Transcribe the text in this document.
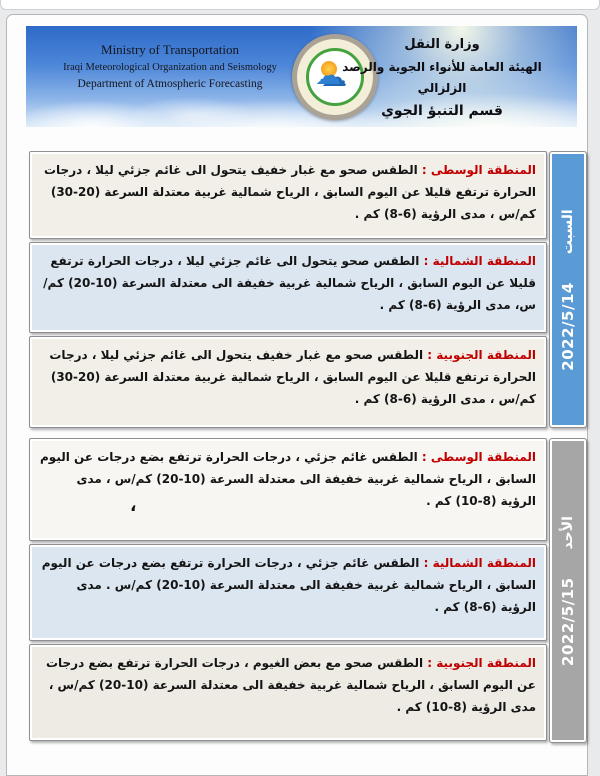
Ministry of Transportation
Iraqi Meteorological Organization and Seismology
Department of Atmospheric Forecasting	☁
وزارة النقل
الهيئة العامة للأنواء الجوية والرصد الزلزالي
قسم التنبؤ الجوي
المنطقة الوسطى : الطقس صحو مع غبار خفيف يتحول الى غائم جزئي ليلا ، درجات الحرارة ترتفع قليلا عن اليوم السابق ، الرياح شمالية غربية معتدلة السرعة (20-30) كم/س ، مدى الرؤية (6-8) كم .
المنطقة الشمالية : الطقس صحو يتحول الى غائم جزئي ليلا ، درجات الحرارة ترتفع قليلا عن اليوم السابق ، الرياح شمالية غربية خفيفة الى معتدلة السرعة (10-20) كم/س، مدى الرؤية (6-8) كم .
المنطقة الجنوبية : الطقس صحو مع غبار خفيف يتحول الى غائم جزئي ليلا ، درجات الحرارة ترتفع قليلا عن اليوم السابق ، الرياح شمالية غربية معتدلة السرعة (20-30) كم/س ، مدى الرؤية (6-8) كم .
السبت
2022/5/14
المنطقة الوسطى : الطقس غائم جزئي ، درجات الحرارة ترتفع بضع درجات عن اليوم السابق ، الرياح شمالية غربية خفيفة الى معتدلة السرعة (10-20) كم/س ، مدى الرؤية (8-10) كم .
،
المنطقة الشمالية : الطقس غائم جزئي ، درجات الحرارة ترتفع بضع درجات عن اليوم السابق ، الرياح شمالية غربية خفيفة الى معتدلة السرعة (10-20) كم/س . مدى الرؤية (6-8) كم .
المنطقة الجنوبية : الطقس صحو مع بعض الغيوم ، درجات الحرارة ترتفع بضع درجات عن اليوم السابق ، الرياح شمالية غربية خفيفة الى معتدلة السرعة (10-20) كم/س ، مدى الرؤية (8-10) كم .
الأحد
2022/5/15
